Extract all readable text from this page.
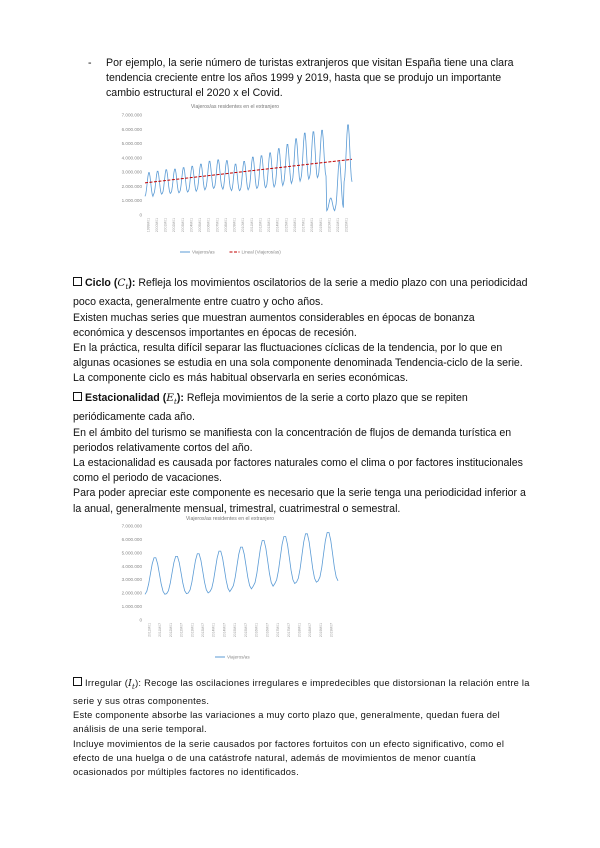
- Por ejemplo, la serie número de turistas extranjeros que visitan España tiene una clara tendencia creciente entre los años 1999 y 2019, hasta que se produjo un importante cambio estructural el 2020 x el Covid.
Viajeros/as residentes en el extranjero
0
1.000.000
2.000.000
3.000.000
4.000.000
5.000.000
6.000.000
7.000.000
1999M01 2000M01 2001M01 2002M01 2003M01 2004M01 2005M01 2006M01 2007M01 2008M01 2009M01 2010M01 2011M01 2012M01 2013M01 2014M01 2015M01 2016M01 2017M01 2018M01 2019M01 2020M01 2021M01 2022M01
Viajeros/as	Lineal (Viajeros/as)

Ciclo $(C_t)$: Refleja los movimientos oscilatorios de la serie a medio plazo con una periodicidad poco exacta, generalmente entre cuatro y ocho años.
Existen muchas series que muestran aumentos considerables en épocas de bonanza económica y descensos importantes en épocas de recesión.
En la práctica, resulta difícil separar las fluctuaciones cíclicas de la tendencia, por lo que en algunas ocasiones se estudia en una sola componente denominada Tendencia-ciclo de la serie. La componente ciclo es más habitual observarla en series económicas.

Estacionalidad $(E_t)$: Refleja movimientos de la serie a corto plazo que se repiten periódicamente cada año.
En el ámbito del turismo se manifiesta con la concentración de flujos de demanda turística en periodos relativamente cortos del año.
La estacionalidad es causada por factores naturales como el clima o por factores institucionales como el periodo de vacaciones.
Para poder apreciar este componente es necesario que la serie tenga una periodicidad inferior a la anual, generalmente mensual, trimestral, cuatrimestral o semestral.

Viajeros/as residentes en el extranjero
0
1.000.000
2.000.000
3.000.000
4.000.000
5.000.000
6.000.000
7.000.000
2011M01 2011M07 2012M01 2012M07 2013M01 2013M07 2014M01 2014M07 2015M01 2015M07 2016M01 2016M07 2017M01 2017M07 2018M01 2018M07 2019M01 2019M07
Viajeros/as

Irregular $(I_t)$: Recoge las oscilaciones irregulares e impredecibles que distorsionan la relación entre la serie y sus otras componentes.
Este componente absorbe las variaciones a muy corto plazo que, generalmente, quedan fuera del análisis de una serie temporal.
Incluye movimientos de la serie causados por factores fortuitos con un efecto significativo, como el efecto de una huelga o de una catástrofe natural, además de movimientos de menor cuantía ocasionados por múltiples factores no identificados.
